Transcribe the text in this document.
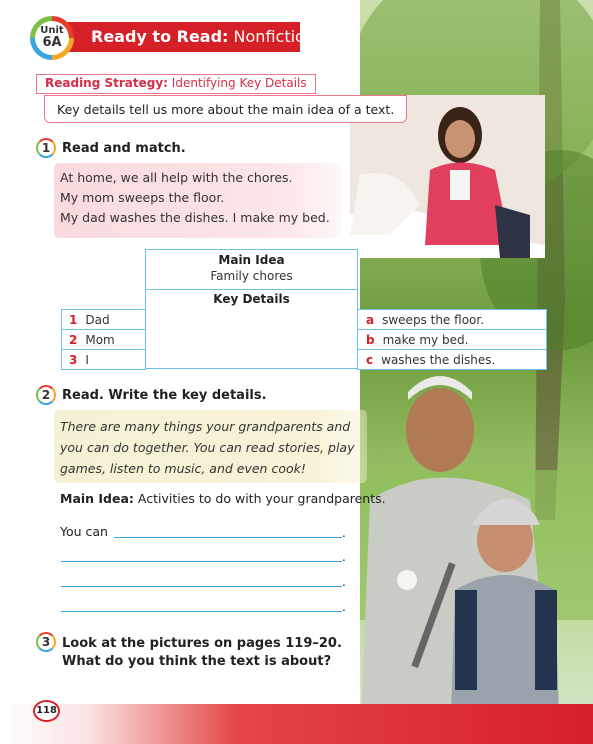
Ready to Read: Nonfiction
Unit
6A
Reading Strategy: Identifying Key Details
Key details tell us more about the main idea of a text.
1 Read and match.
At home, we all help with the chores.
My mom sweeps the floor.
My dad washes the dishes. I make my bed.
Main Idea
Family chores
Key Details
1 Dad
2 Mom
3 I
a sweeps the floor.
b make my bed.
c washes the dishes.
2 Read. Write the key details.
There are many things your grandparents and
you can do together. You can read stories, play
games, listen to music, and even cook!
Main Idea: Activities to do with your grandparents.
You can	.
.
.
.
3 Look at the pictures on pages 119–20.
What do you think the text is about?
118
